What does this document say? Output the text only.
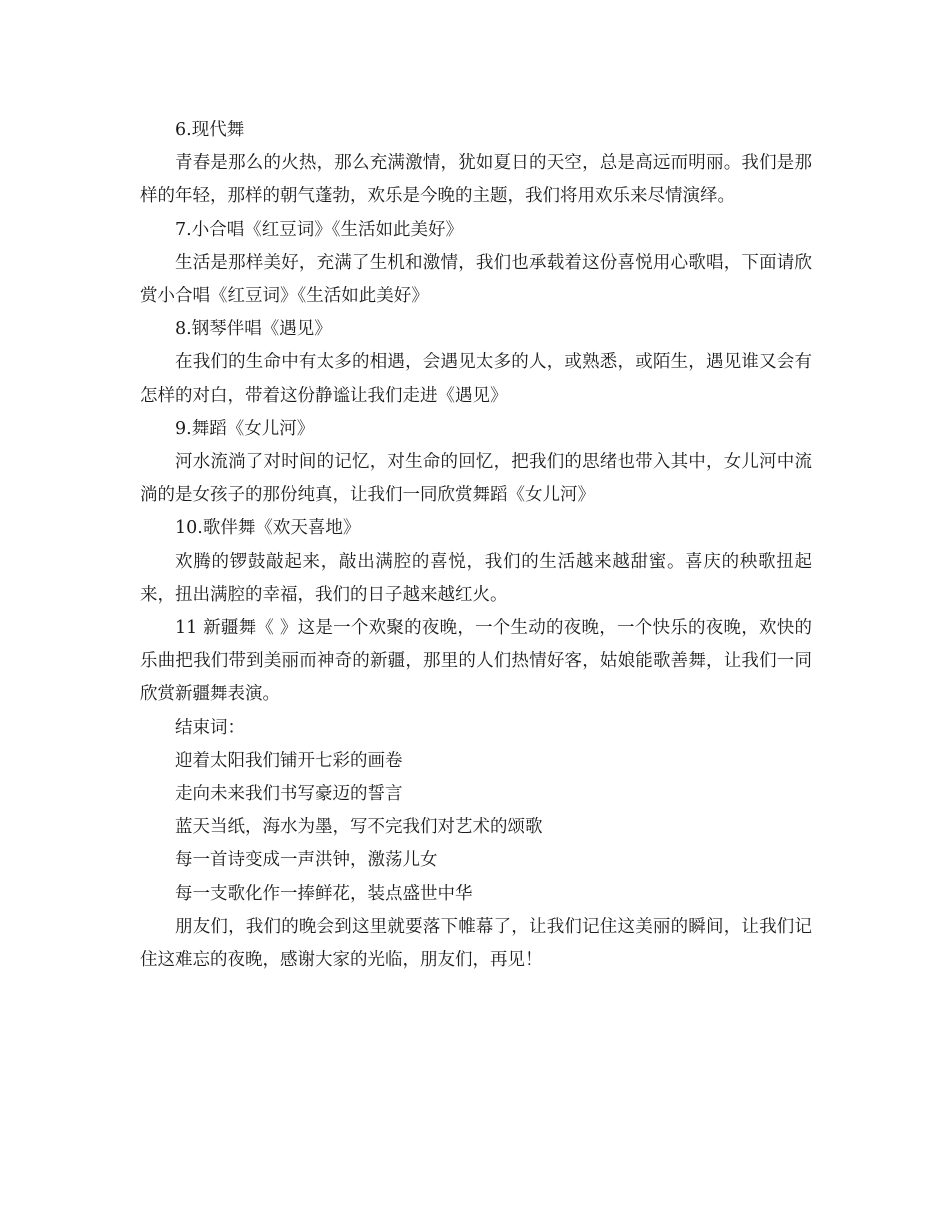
6.现代舞

青春是那么的火热，那么充满激情，犹如夏日的天空，总是高远而明丽。我们是那样的年轻，那样的朝气蓬勃，欢乐是今晚的主题，我们将用欢乐来尽情演绎。

7.小合唱《红豆词》《生活如此美好》

生活是那样美好，充满了生机和激情，我们也承载着这份喜悦用心歌唱，下面请欣赏小合唱《红豆词》《生活如此美好》

8.钢琴伴唱《遇见》

在我们的生命中有太多的相遇，会遇见太多的人，或熟悉，或陌生，遇见谁又会有怎样的对白，带着这份静谧让我们走进《遇见》

9.舞蹈《女儿河》

河水流淌了对时间的记忆，对生命的回忆，把我们的思绪也带入其中，女儿河中流淌的是女孩子的那份纯真，让我们一同欣赏舞蹈《女儿河》

10.歌伴舞《欢天喜地》

欢腾的锣鼓敲起来，敲出满腔的喜悦，我们的生活越来越甜蜜。喜庆的秧歌扭起来，扭出满腔的幸福，我们的日子越来越红火。

11 新疆舞《 》这是一个欢聚的夜晚，一个生动的夜晚，一个快乐的夜晚，欢快的乐曲把我们带到美丽而神奇的新疆，那里的人们热情好客，姑娘能歌善舞，让我们一同欣赏新疆舞表演。

结束词：

迎着太阳我们铺开七彩的画卷

走向未来我们书写豪迈的誓言

蓝天当纸，海水为墨，写不完我们对艺术的颂歌

每一首诗变成一声洪钟，激荡儿女

每一支歌化作一捧鲜花，装点盛世中华

朋友们，我们的晚会到这里就要落下帷幕了，让我们记住这美丽的瞬间，让我们记住这难忘的夜晚，感谢大家的光临，朋友们，再见！
